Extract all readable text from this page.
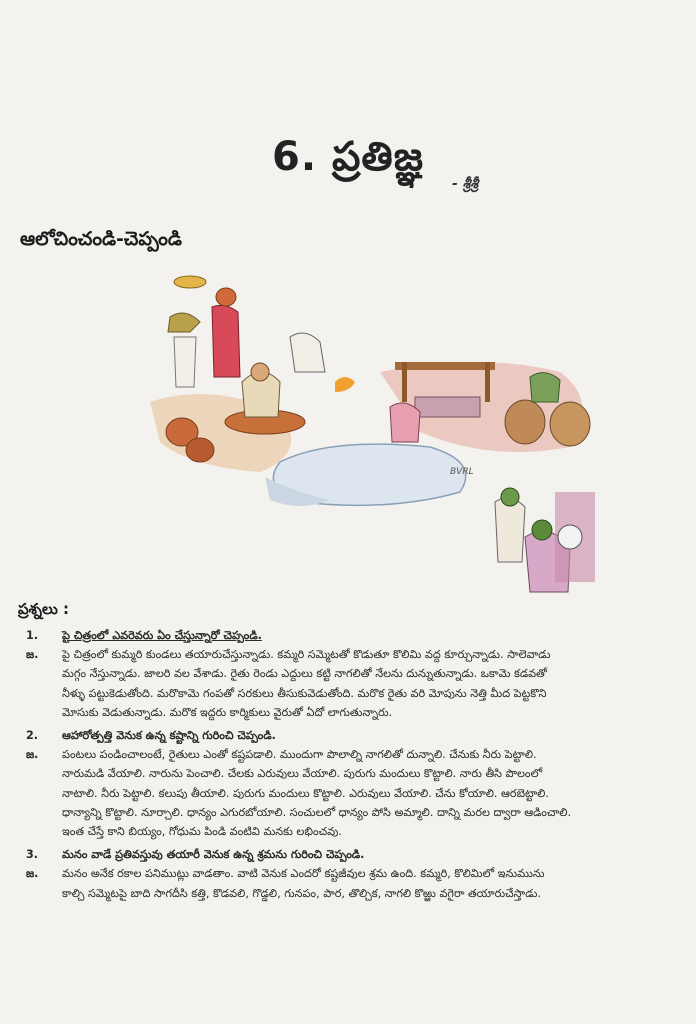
6. ప్రతిజ్ఞ
- శ్రీశ్రీ
ఆలోచించండి-చెప్పండి
BVRL
ప్రశ్నలు :
1.	పై చిత్రంలో ఎవరెవరు ఏం చేస్తున్నారో చెప్పండి.
జ.	పై చిత్రంలో కుమ్మరి కుండలు తయారుచేస్తున్నాడు. కమ్మరి సమ్మెటతో కొడుతూ కొలిమి వద్ద కూర్చున్నాడు. సాలెవాడు
మగ్గం నేస్తున్నాడు. జాలరి వల వేశాడు. రైతు రెండు ఎద్దులు కట్టి నాగలితో నేలను దున్నుతున్నాడు. ఒకామె కడవతో
నీళ్ళు పట్టుకెడుతోంది. మరొకామె గంపతో సరకులు తీసుకువెడుతోంది. మరొక రైతు వరి మోపును నెత్తి మీద పెట్టకొని
మోసుకు వెడుతున్నాడు. మరొక ఇద్దరు కార్మికులు వైరుతో ఏదో లాగుతున్నారు.
2.	ఆహారోత్పత్తి వెనుక ఉన్న కష్టాన్ని గురించి చెప్పండి.
జ.	పంటలు పండించాలంటే, రైతులు ఎంతో కష్టపడాలి. ముందుగా పొలాల్ని నాగలితో దున్నాలి. చేనుకు నీరు పెట్టాలి.
నారుమడి వేయాలి. నారును పెంచాలి. చేలకు ఎరువులు వేయాలి. పురుగు మందులు కొట్టాలి. నారు తీసి పొలంలో
నాటాలి. నీరు పెట్టాలి. కలుపు తీయాలి. పురుగు మందులు కొట్టాలి. ఎరువులు వేయాలి. చేను కోయాలి. ఆరబెట్టాలి.
ధాన్యాన్ని కొట్టాలి. నూర్చాలి. ధాన్యం ఎగురబోయాలి. సంచులలో ధాన్యం పోసి అమ్మాలి. దాన్ని మరల ద్వారా ఆడించాలి.
ఇంత చేస్తే కాని బియ్యం, గోధుమ పిండి వంటివి మనకు లభించవు.
3.	మనం వాడే ప్రతివస్తువు తయారీ వెనుక ఉన్న శ్రమను గురించి చెప్పండి.
జ.	మనం అనేక రకాల పనిముట్లు వాడతాం. వాటి వెనుక ఎందరో కష్టజీవుల శ్రమ ఉంది. కమ్మరి, కొలిమిలో ఇనుమును
కాల్చి సమ్మెటపై బాది సాగదీసి కత్తి, కొడవలి, గొడ్డలి, గునపం, పార, తొల్చిక, నాగలి కొఱ్ఱు వగైరా తయారుచేస్తాడు.
